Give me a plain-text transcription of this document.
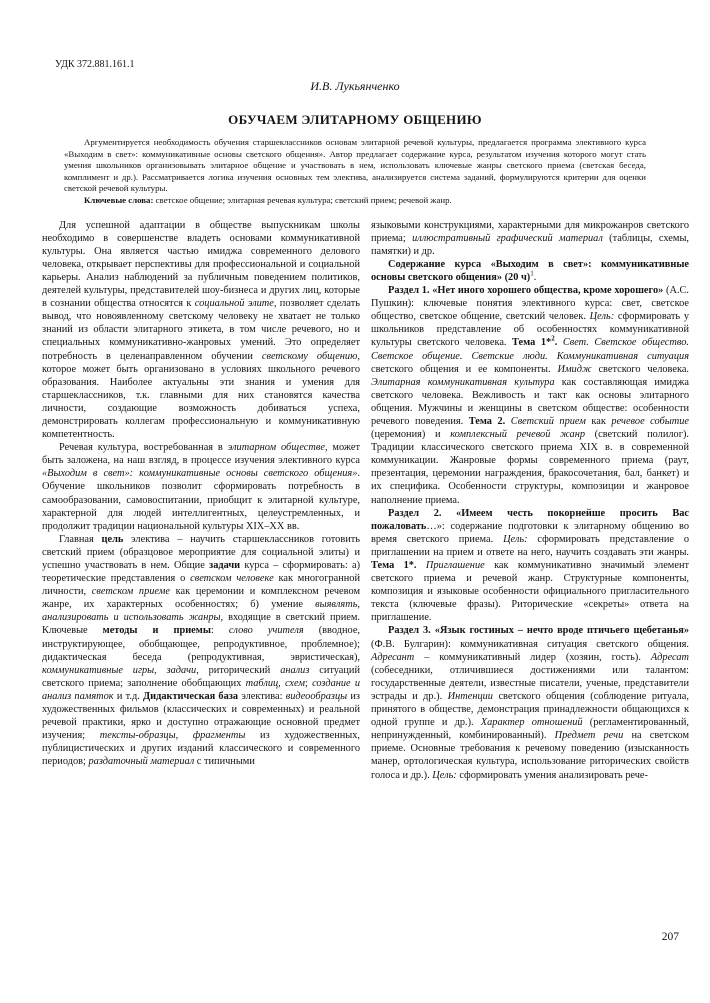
УДК 372.881.161.1
И.В. Лукьянченко
ОБУЧАЕМ ЭЛИТАРНОМУ ОБЩЕНИЮ

Аргументируется необходимость обучения старшеклассников основам элитарной речевой культуры, предлагается программа элективного курса «Выходим в свет»: коммуникативные основы светского общения». Автор предлагает содержание курса, результатом изучения которого могут стать умения школьников организовывать элитарное общение и участвовать в нем, использовать ключевые жанры светского приема (светская беседа, комплимент и др.). Рассматривается логика изучения основных тем электива, анализируется система заданий, формулируются критерии для оценки светской речевой культуры.

Ключевые слова: светское общение; элитарная речевая культура; светский прием; речевой жанр.

Для успешной адаптации в обществе выпускникам школы необходимо в совершенстве владеть основами коммуникативной культуры. Она является частью имиджа современного делового человека, открывает перспективы для профессиональной и социальной карьеры. Анализ наблюдений за публичным поведением политиков, деятелей культуры, представителей шоу-бизнеса и других лиц, которые в сознании общества относятся к социальной элите, позволяет сделать вывод, что новоявленному светскому человеку не хватает не только знаний из области элитарного этикета, в том числе речевого, но и специальных коммуникативно-жанровых умений. Это определяет потребность в целенаправленном обучении светскому общению, которое может быть организовано в условиях школьного речевого образования. Наиболее актуальны эти знания и умения для старшеклассников, т.к. главными для них становятся качества личности, создающие возможность добиваться успеха, демонстрировать коллегам профессиональную и коммуникативную компетентность.

Речевая культура, востребованная в элитарном обществе, может быть заложена, на наш взгляд, в процессе изучения элективного курса «Выходим в свет»: коммуникативные основы светского общения». Обучение школьников позволит сформировать потребность в самообразовании, самовоспитании, приобщит к элитарной культуре, характерной для людей интеллигентных, целеустремленных, и продолжит традиции национальной культуры XIX–XX вв.

Главная цель электива – научить старшеклассников готовить светский прием (образцовое мероприятие для социальной элиты) и успешно участвовать в нем. Общие задачи курса – сформировать: а) теоретические представления о светском человеке как многогранной личности, светском приеме как церемонии и комплексном речевом жанре, их характерных особенностях; б) умение выявлять, анализировать и использовать жанры, входящие в светский прием. Ключевые методы и приемы: слово учителя (вводное, инструктирующее, обобщающее, репродуктивное, проблемное); дидактическая беседа (репродуктивная, эвристическая), коммуникативные игры, задачи, риторический анализ ситуаций светского приема; заполнение обобщающих таблиц, схем; создание и анализ памяток и т.д. Дидактическая база электива: видеообразцы из художественных фильмов (классических и современных) и реальной речевой практики, ярко и доступно отражающие основной предмет изучения; тексты-образцы, фрагменты из художественных, публицистических и других изданий классического и современного периодов; раздаточный материал с типичными

языковыми конструкциями, характерными для микрожанров светского приема; иллюстративный графический материал (таблицы, схемы, памятки) и др.

Содержание курса «Выходим в свет»: коммуникативные основы светского общения» (20 ч)$^1$.

Раздел 1. «Нет иного хорошего общества, кроме хорошего» (А.С. Пушкин): ключевые понятия элективного курса: свет, светское общество, светское общение, светский человек. Цель: сформировать у школьников представление об особенностях коммуникативной культуры светского человека. Тема 1*$^2$. Свет. Светское общество. Светское общение. Светские люди. Коммуникативная ситуация светского общения и ее компоненты. Имидж светского человека. Элитарная коммуникативная культура как составляющая имиджа светского человека. Вежливость и такт как основы элитарного общения. Мужчины и женщины в светском обществе: особенности речевого поведения. Тема 2. Светский прием как речевое событие (церемония) и комплексный речевой жанр (светский полилог). Традиции классического светского приема XIX в. в современной коммуникации. Жанровые формы современного приема (раут, презентация, церемонии награждения, бракосочетания, бал, банкет) и их специфика. Особенности структуры, композиции и жанровое наполнение приема.

Раздел 2. «Имеем честь покорнейше просить Вас пожаловать…»: содержание подготовки к элитарному общению во время светского приема. Цель: сформировать представление о приглашении на прием и ответе на него, научить создавать эти жанры. Тема 1*. Приглашение как коммуникативно значимый элемент светского приема и речевой жанр. Структурные компоненты, композиция и языковые особенности официального пригласительного текста (ключевые фразы). Риторические «секреты» ответа на приглашение.

Раздел 3. «Язык гостиных – нечто вроде птичьего щебетанья» (Ф.В. Булгарин): коммуникативная ситуация светского общения. Адресант – коммуникативный лидер (хозяин, гость). Адресат (собеседники, отличившиеся достижениями или талантом: государственные деятели, известные писатели, ученые, представители эстрады и др.). Интенции светского общения (соблюдение ритуала, принятого в обществе, демонстрация принадлежности общающихся к одной группе и др.). Характер отношений (регламентированный, непринужденный, комбинированный). Предмет речи на светском приеме. Основные требования к речевому поведению (изысканность манер, ортологическая культура, использование риторических свойств голоса и др.). Цель: сформировать умения анализировать рече-

207
